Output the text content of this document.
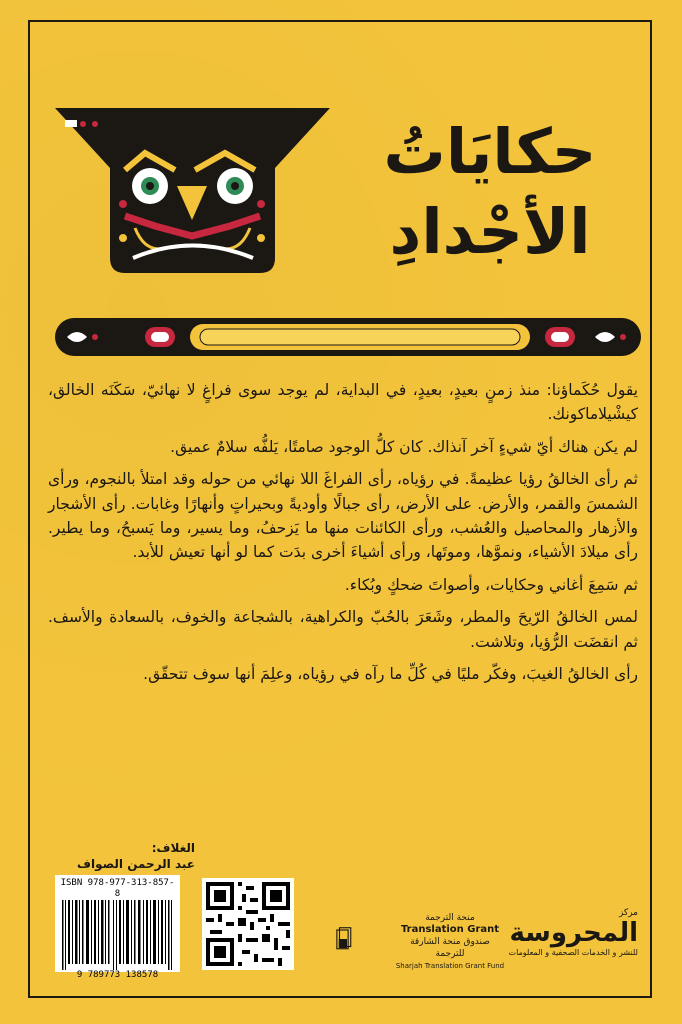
حكايَاتُ
الأجْدادِ

يقول حُكَماؤنا: منذ زمنٍ بعيدٍ، بعيدٍ، في البداية، لم يوجد سوى فراغٍ لا نهائيّ، سَكَنَه الخالق، كيشْيلاماكونك.

لم يكن هناك أيّ شيءٍ آخر آنذاك. كان كلُّ الوجود صامتًا، يَلفُّه سلامٌ عميق.

ثم رأى الخالقُ رؤيا عظيمةً. في رؤياه، رأى الفراغَ اللا نهائي من حوله وقد امتلأ بالنجوم، ورأى الشمسَ والقمر، والأرض. على الأرض، رأى جبالًا وأوديةً وبحيراتٍ وأنهارًا وغابات. رأى الأشجار والأزهار والمحاصيل والعُشب، ورأى الكائنات منها ما يَزحفُ، وما يسير، وما يَسبحُ، وما يطير. رأى ميلادَ الأشياء، ونموَّها، وموتَها، ورأى أشياءَ أخرى بدَت كما لو أنها تعيش للأبد.

ثم سَمِعَ أغاني وحكايات، وأصواتَ ضحكٍ وبُكاء.

لمس الخالقُ الرّيحَ والمطر، وشَعَرَ بالحُبّ والكراهية، بالشجاعة والخوف، بالسعادة والأسف. ثم انقضَت الرُّؤيا، وتلاشت.

رأى الخالقُ الغيبَ، وفكّر مليًا في كُلِّ ما رآه في رؤياه، وعلِمَ أنها سوف تتحقّق.

الغلاف:
عبد الرحمن الصواف
ISBN 978-977-313-857-8
9 789773 138578
منحة الترجمة
Translation Grant
صندوق منحة الشارقة للترجمة
Sharjah Translation Grant Fund
مركز
المحروسة
للنشر و الخدمات الصحفية و المعلومات
